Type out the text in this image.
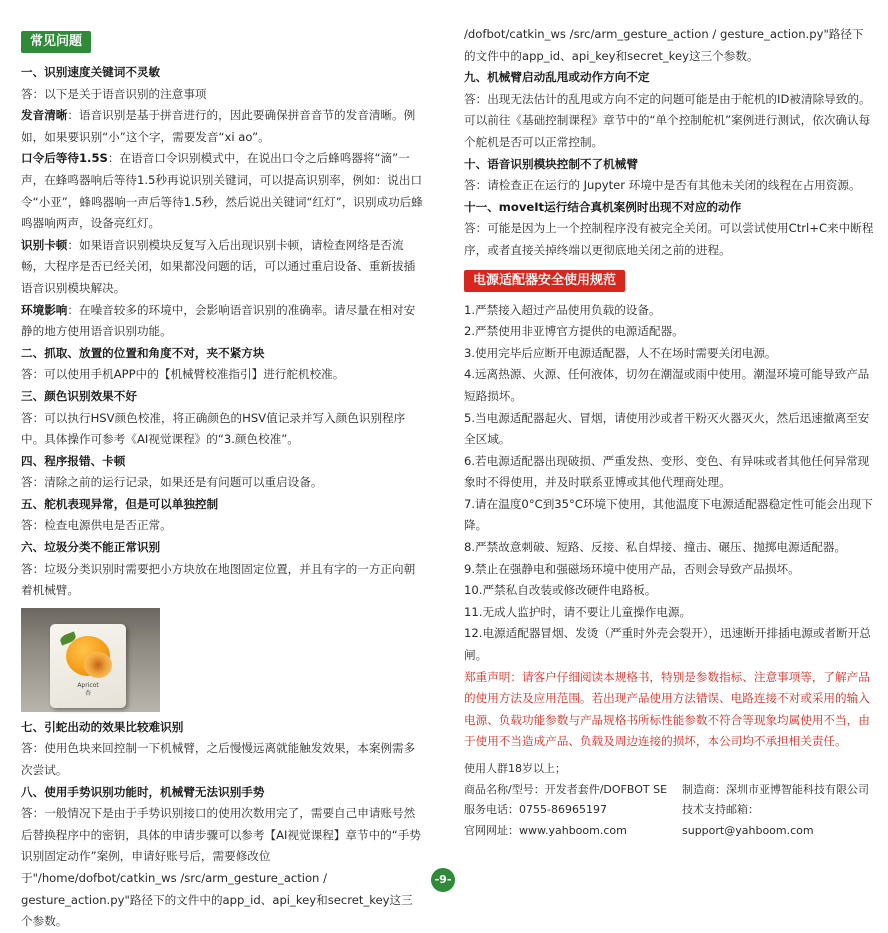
常见问题

一、识别速度关键词不灵敏

答：以下是关于语音识别的注意事项

发音清晰：语音识别是基于拼音进行的，因此要确保拼音音节的发音清晰。例如，如果要识别“小”这个字，需要发音“xi ao”。

口令后等待1.5S：在语音口令识别模式中，在说出口令之后蜂鸣器将“滴”一声，在蜂鸣器响后等待1.5秒再说识别关键词，可以提高识别率，例如：说出口令“小亚”，蜂鸣器响一声后等待1.5秒，然后说出关键词“红灯”，识别成功后蜂鸣器响两声，设备亮红灯。

识别卡顿：如果语音识别模块反复写入后出现识别卡顿，请检查网络是否流畅，大程序是否已经关闭，如果都没问题的话，可以通过重启设备、重新拔插语音识别模块解决。

环境影响：在噪音较多的环境中，会影响语音识别的准确率。请尽量在相对安静的地方使用语音识别功能。

二、抓取、放置的位置和角度不对，夹不紧方块

答：可以使用手机APP中的【机械臂校准指引】进行舵机校准。

三、颜色识别效果不好

答：可以执行HSV颜色校准，将正确颜色的HSV值记录并写入颜色识别程序中。具体操作可参考《AI视觉课程》的“3.颜色校准”。

四、程序报错、卡顿

答：清除之前的运行记录，如果还是有问题可以重启设备。

五、舵机表现异常，但是可以单独控制

答：检查电源供电是否正常。

六、垃圾分类不能正常识别

答：垃圾分类识别时需要把小方块放在地图固定位置，并且有字的一方正向朝着机械臂。

Apricot
杏

七、引蛇出动的效果比较难识别

答：使用色块来回控制一下机械臂，之后慢慢远离就能触发效果，本案例需多次尝试。

八、使用手势识别功能时，机械臂无法识别手势

答：一般情况下是由于手势识别接口的使用次数用完了，需要自己申请账号然后替换程序中的密钥，具体的申请步骤可以参考【AI视觉课程】章节中的“手势识别固定动作”案例，申请好账号后，需要修改位于"/home/dofbot/catkin_ws /src/arm_gesture_action / gesture_action.py"路径下的文件中的app_id、api_key和secret_key这三个参数。

/dofbot/catkin_ws /src/arm_gesture_action / gesture_action.py"路径下的文件中的app_id、api_key和secret_key这三个参数。

九、机械臂启动乱甩或动作方向不定

答：出现无法估计的乱甩或方向不定的问题可能是由于舵机的ID被清除导致的。可以前往《基础控制课程》章节中的“单个控制舵机”案例进行测试，依次确认每个舵机是否可以正常控制。

十、语音识别模块控制不了机械臂

答：请检查正在运行的 Jupyter 环境中是否有其他未关闭的线程在占用资源。

十一、moveIt运行结合真机案例时出现不对应的动作

答：可能是因为上一个控制程序没有被完全关闭。可以尝试使用Ctrl+C来中断程序，或者直接关掉终端以更彻底地关闭之前的进程。

电源适配器安全使用规范

1.严禁接入超过产品使用负载的设备。

2.严禁使用非亚博官方提供的电源适配器。

3.使用完毕后应断开电源适配器，人不在场时需要关闭电源。

4.远离热源、火源、任何液体，切勿在潮湿或雨中使用。潮湿环境可能导致产品短路损坏。

5.当电源适配器起火、冒烟，请使用沙或者干粉灭火器灭火，然后迅速撤离至安全区域。

6.若电源适配器出现破损、严重发热、变形、变色、有异味或者其他任何异常现象时不得使用，并及时联系亚博或其他代理商处理。

7.请在温度0°C到35°C环境下使用，其他温度下电源适配器稳定性可能会出现下降。

8.严禁故意刺破、短路、反接、私自焊接、撞击、碾压、抛掷电源适配器。

9.禁止在强静电和强磁场环境中使用产品，否则会导致产品损坏。

10.严禁私自改装或修改硬件电路板。

11.无成人监护时，请不要让儿童操作电源。

12.电源适配器冒烟、发烫（严重时外壳会裂开），迅速断开排插电源或者断开总闸。

郑重声明：请客户仔细阅读本规格书，特别是参数指标、注意事项等，了解产品的使用方法及应用范围。若出现产品使用方法错误、电路连接不对或采用的输入电源、负载功能参数与产品规格书所标性能参数不符合等现象均属使用不当，由于使用不当造成产品、负载及周边连接的损坏，本公司均不承担相关责任。

使用人群18岁以上；
商品名称/型号：开发者套件/DOFBOT SE 制造商：深圳市亚博智能科技有限公司
服务电话：0755-86965197	技术支持邮箱：support@yahboom.com
官网网址：www.yahboom.com
-9-
